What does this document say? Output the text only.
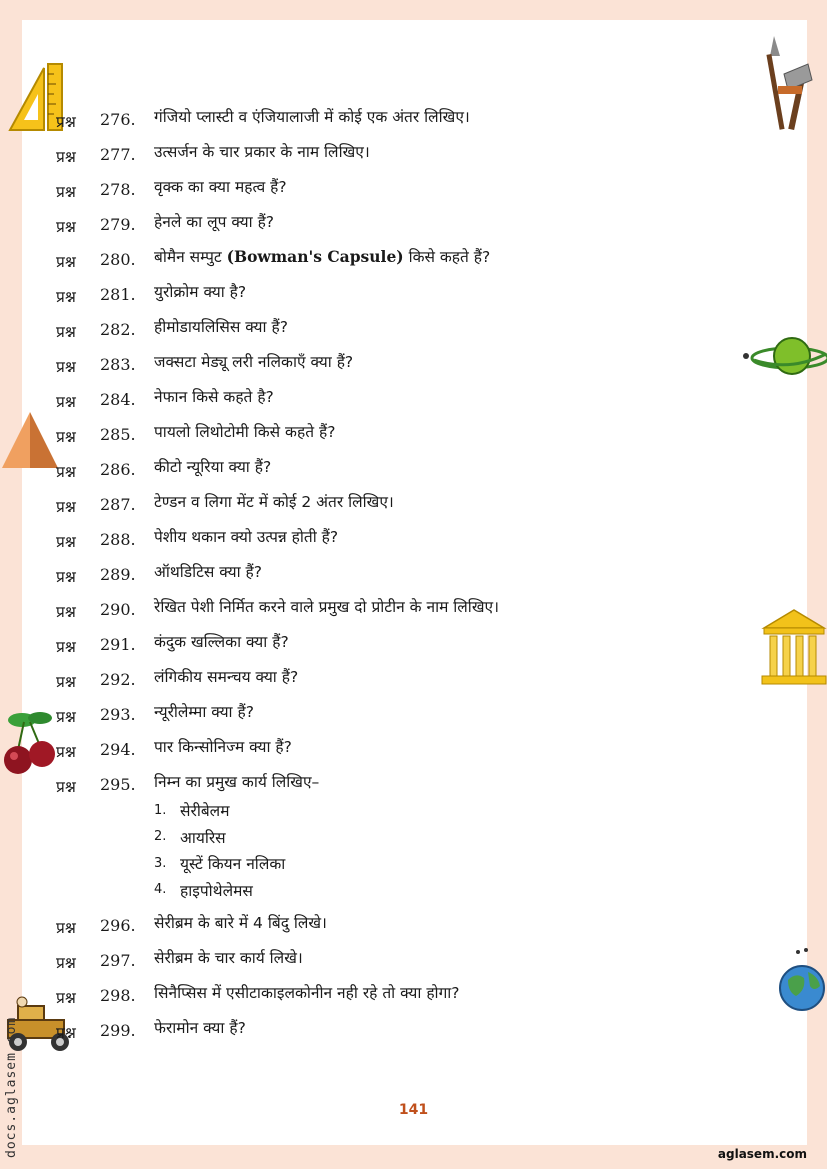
प्रश्न	276.	गंजियो प्लास्टी व एंजियालाजी में कोई एक अंतर लिखिए।
प्रश्न	277.	उत्सर्जन के चार प्रकार के नाम लिखिए।
प्रश्न	278.	वृक्क का क्या महत्व हैं?
प्रश्न	279.	हेनले का लूप क्या हैं?
प्रश्न	280.	बोमैन सम्पुट (Bowman's Capsule) किसे कहते हैं?
प्रश्न	281.	युरोक्रोम क्या है?
प्रश्न	282.	हीमोडायलिसिस क्या हैं?
प्रश्न	283.	जक्सटा मेड्यू लरी नलिकाएँ क्या हैं?
प्रश्न	284.	नेफान किसे कहते है?
प्रश्न	285.	पायलो लिथोटोमी किसे कहते हैं?
प्रश्न	286.	कीटो न्यूरिया क्या हैं?
प्रश्न	287.	टेण्डन व लिगा मेंट में कोई 2 अंतर लिखिए।
प्रश्न	288.	पेशीय थकान क्यो उत्पन्न होती हैं?
प्रश्न	289.	ऑथडिटिस क्या हैं?
प्रश्न	290.	रेखित पेशी निर्मित करने वाले प्रमुख दो प्रोटीन के नाम लिखिए।
प्रश्न	291.	कंदुक खल्लिका क्या हैं?
प्रश्न	292.	लंगिकीय समन्चय क्या हैं?
प्रश्न	293.	न्यूरीलेम्मा क्या हैं?
प्रश्न	294.	पार किन्सोनिज्म क्या हैं?
प्रश्न	295.	निम्न का प्रमुख कार्य लिखिए–
1. सेरीबेलम
2. आयरिस
3. यूस्टें कियन नलिका
4. हाइपोथेलेमस
प्रश्न	296.	सेरीब्रम के बारे में 4 बिंदु लिखे।
प्रश्न	297.	सेरीब्रम के चार कार्य लिखे।
प्रश्न	298.	सिनैप्सिस में एसीटाकाइलकोनीन नही रहे तो क्या होगा?
प्रश्न	299.	फेरामोन क्या हैं?
141
aglasem.com
docs.aglasem.com
